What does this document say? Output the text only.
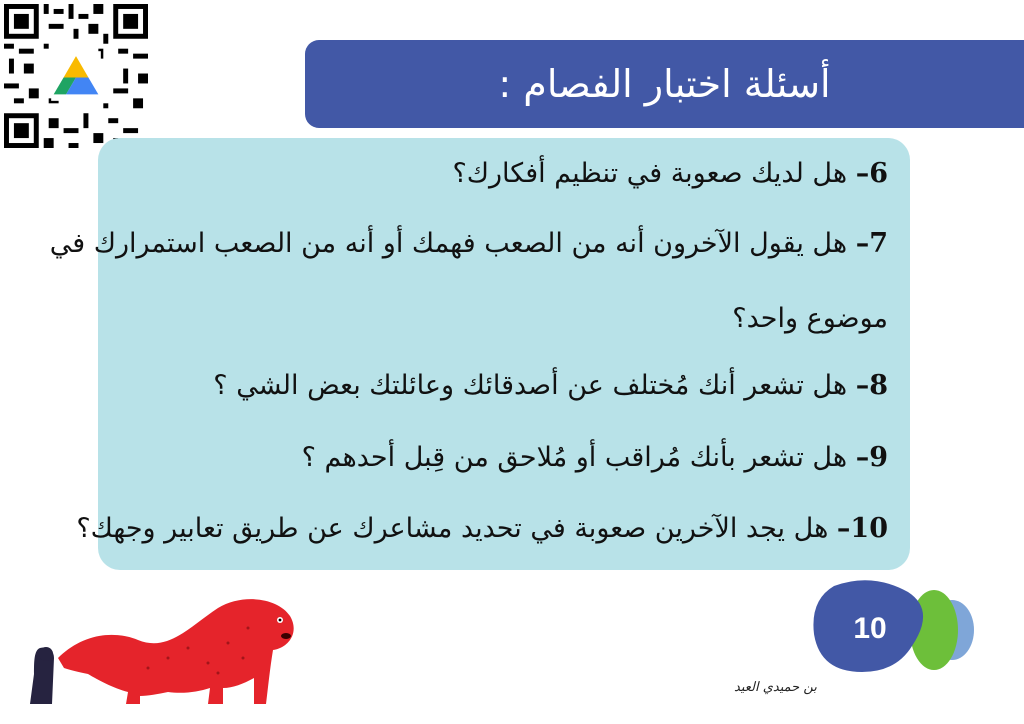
أسئلة اختبار الفصام :
6– هل لديك صعوبة في تنظيم أفكارك؟
7– هل يقول الآخرون أنه من الصعب فهمك أو أنه من الصعب استمرارك في
موضوع واحد؟
8– هل تشعر أنك مُختلف عن أصدقائك وعائلتك بعض الشي ؟
9– هل تشعر بأنك مُراقب أو مُلاحق من قِبل أحدهم ؟
10– هل يجد الآخرين صعوبة في تحديد مشاعرك عن طريق تعابير وجهك؟
10
بن حميدي العيد
